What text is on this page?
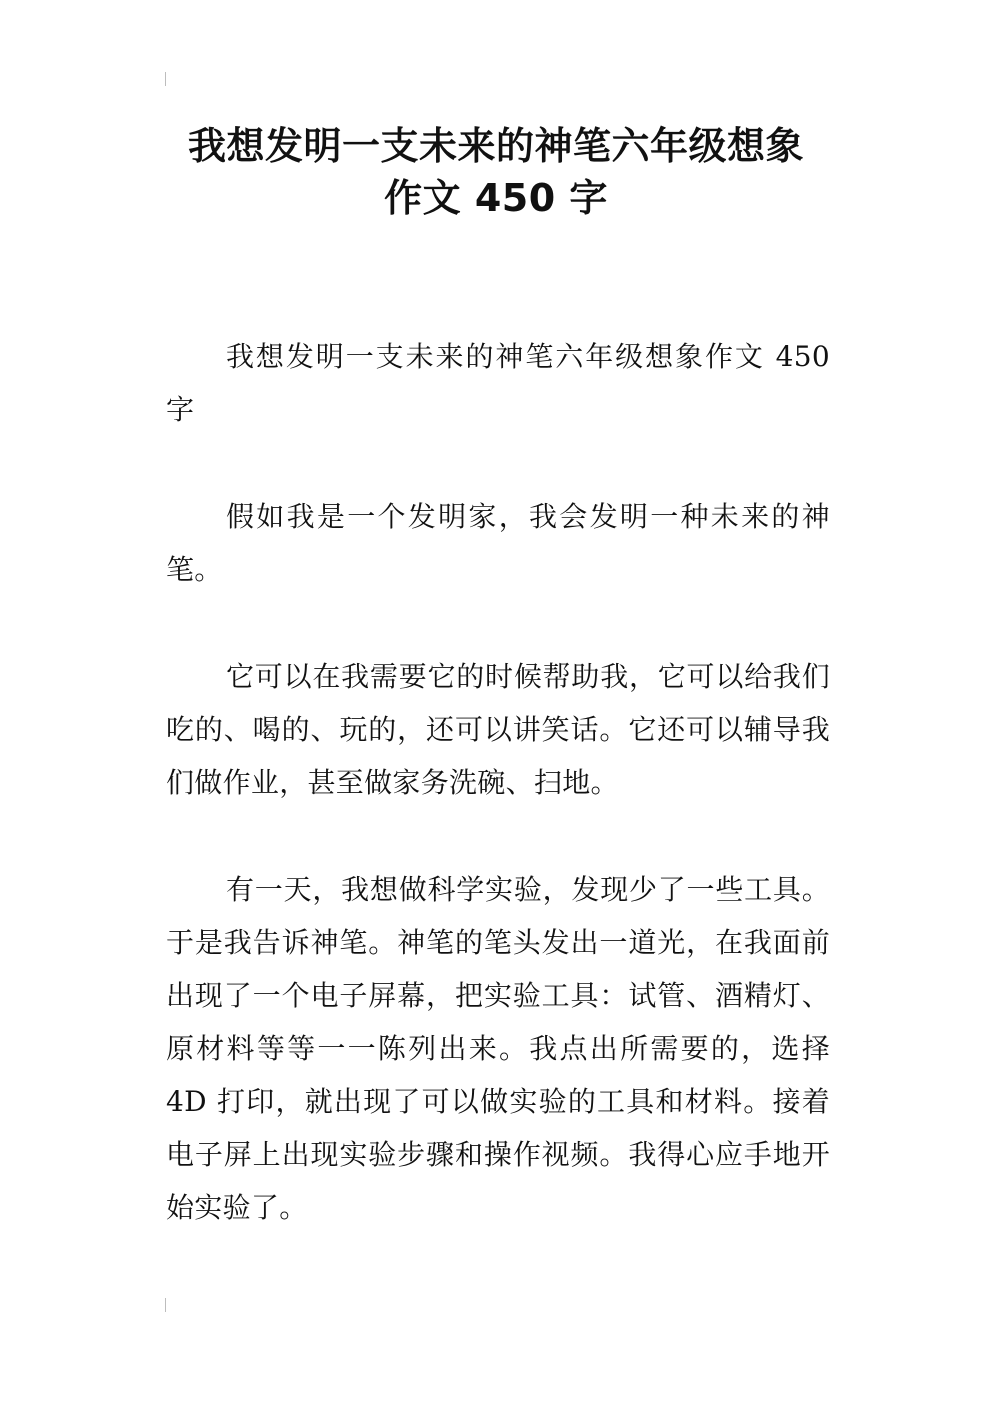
我想发明一支未来的神笔六年级想象
作文 450 字

我想发明一支未来的神笔六年级想象作文 450 字

假如我是一个发明家，我会发明一种未来的神笔。

它可以在我需要它的时候帮助我，它可以给我们吃的、喝的、玩的，还可以讲笑话。它还可以辅导我们做作业，甚至做家务洗碗、扫地。

有一天，我想做科学实验，发现少了一些工具。于是我告诉神笔。神笔的笔头发出一道光，在我面前出现了一个电子屏幕，把实验工具：试管、酒精灯、原材料等等一一陈列出来。我点出所需要的，选择 4D 打印，就出现了可以做实验的工具和材料。接着电子屏上出现实验步骤和操作视频。我得心应手地开始实验了。
